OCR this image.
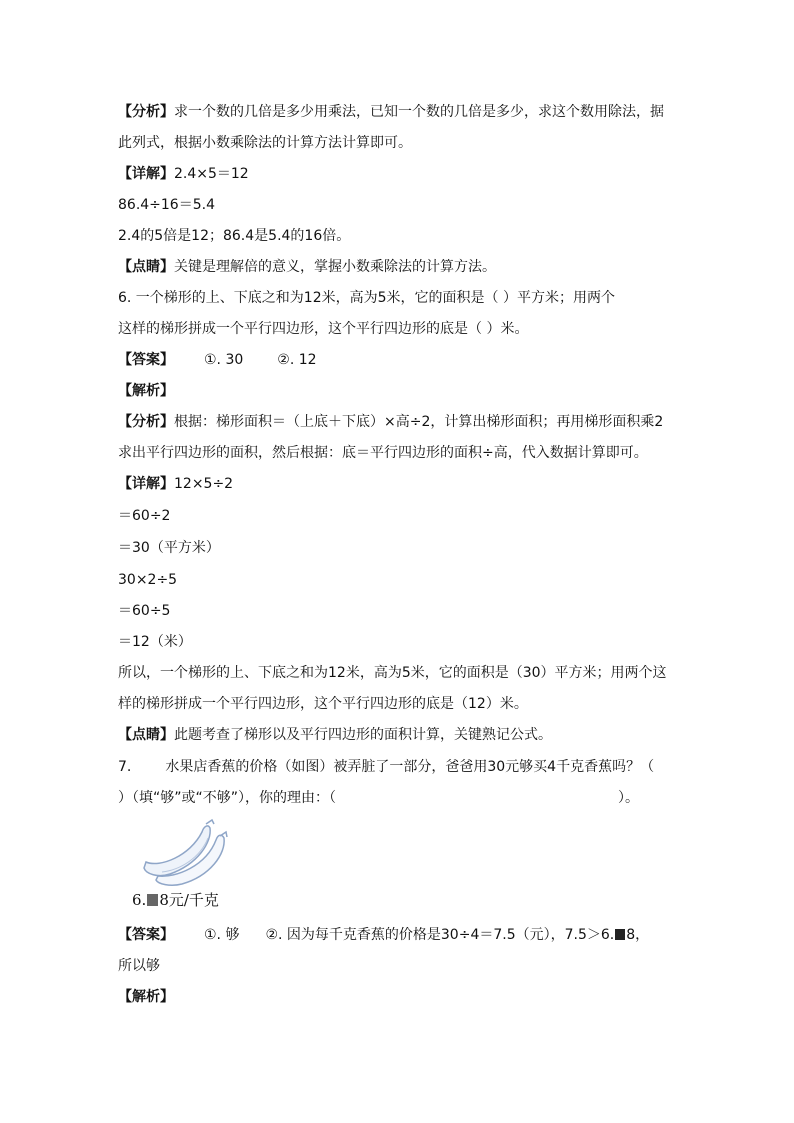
【分析】求一个数的几倍是多少用乘法，已知一个数的几倍是多少，求这个数用除法，据
此列式，根据小数乘除法的计算方法计算即可。
【详解】2.4×5＝12
86.4÷16＝5.4
2.4的5倍是12；86.4是5.4的16倍。
【点睛】关键是理解倍的意义，掌握小数乘除法的计算方法。
6. 一个梯形的上、下底之和为12米，高为5米，它的面积是（ ）平方米；用两个
这样的梯形拼成一个平行四边形，这个平行四边形的底是（ ）米。
【答案】 ①. 30 ②. 12
【解析】
【分析】根据：梯形面积＝（上底＋下底）×高÷2，计算出梯形面积；再用梯形面积乘2
求出平行四边形的面积，然后根据：底＝平行四边形的面积÷高，代入数据计算即可。
【详解】12×5÷2
＝60÷2
＝30（平方米）
30×2÷5
＝60÷5
＝12（米）
所以，一个梯形的上、下底之和为12米，高为5米，它的面积是（30）平方米；用两个这
样的梯形拼成一个平行四边形，这个平行四边形的底是（12）米。
【点睛】此题考查了梯形以及平行四边形的面积计算，关键熟记公式。
7. 水果店香蕉的价格（如图）被弄脏了一部分，爸爸用30元够买4千克香蕉吗？（
）（填“够”或“不够”），你的理由：（	）。
6. 8元/千克
【答案】 ①. 够 ②. 因为每千克香蕉的价格是30÷4＝7.5（元），7.5＞6. 8，
所以够
【解析】
